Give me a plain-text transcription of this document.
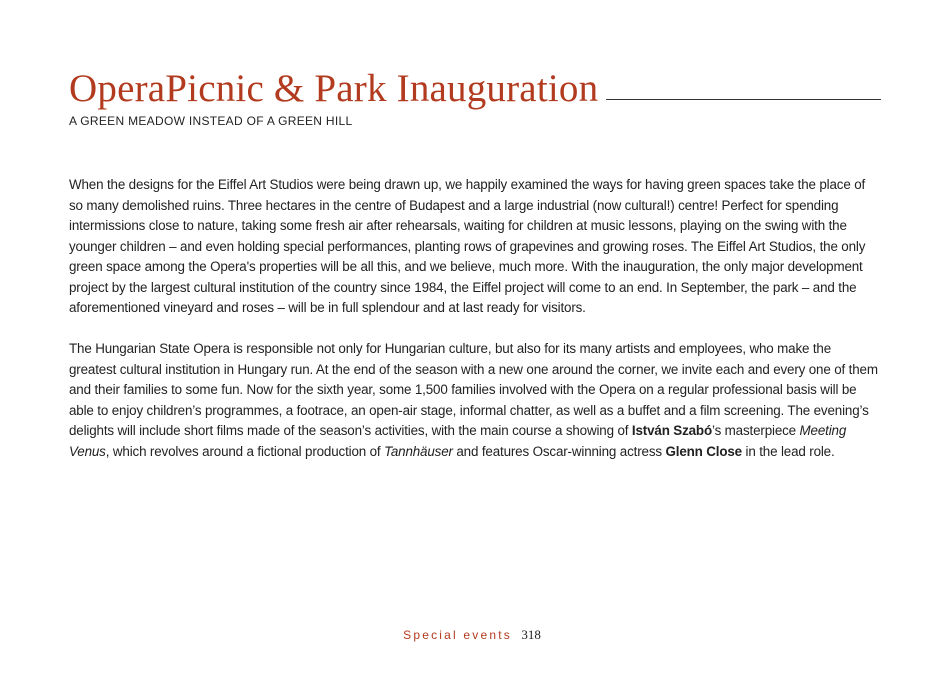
OperaPicnic & Park Inauguration
A GREEN MEADOW INSTEAD OF A GREEN HILL

When the designs for the Eiffel Art Studios were being drawn up, we happily examined the ways for having green spaces take the place of so many demolished ruins. Three hectares in the centre of Budapest and a large industrial (now cultural!) centre! Perfect for spending intermissions close to nature, taking some fresh air after rehearsals, waiting for children at music lessons, playing on the swing with the younger children – and even holding special performances, planting rows of grapevines and growing roses. The Eiffel Art Studios, the only green space among the Opera's properties will be all this, and we believe, much more. With the inauguration, the only major development project by the largest cultural institution of the country since 1984, the Eiffel project will come to an end. In September, the park – and the aforementioned vineyard and roses – will be in full splendour and at last ready for visitors.

The Hungarian State Opera is responsible not only for Hungarian culture, but also for its many artists and employees, who make the greatest cultural institution in Hungary run. At the end of the season with a new one around the corner, we invite each and every one of them and their families to some fun. Now for the sixth year, some 1,500 families involved with the Opera on a regular professional basis will be able to enjoy children’s programmes, a footrace, an open-air stage, informal chatter, as well as a buffet and a film screening. The evening’s delights will include short films made of the season’s activities, with the main course a showing of István Szabó’s masterpiece Meeting Venus, which revolves around a fictional production of Tannhäuser and features Oscar-winning actress Glenn Close in the lead role.

Special events 318
